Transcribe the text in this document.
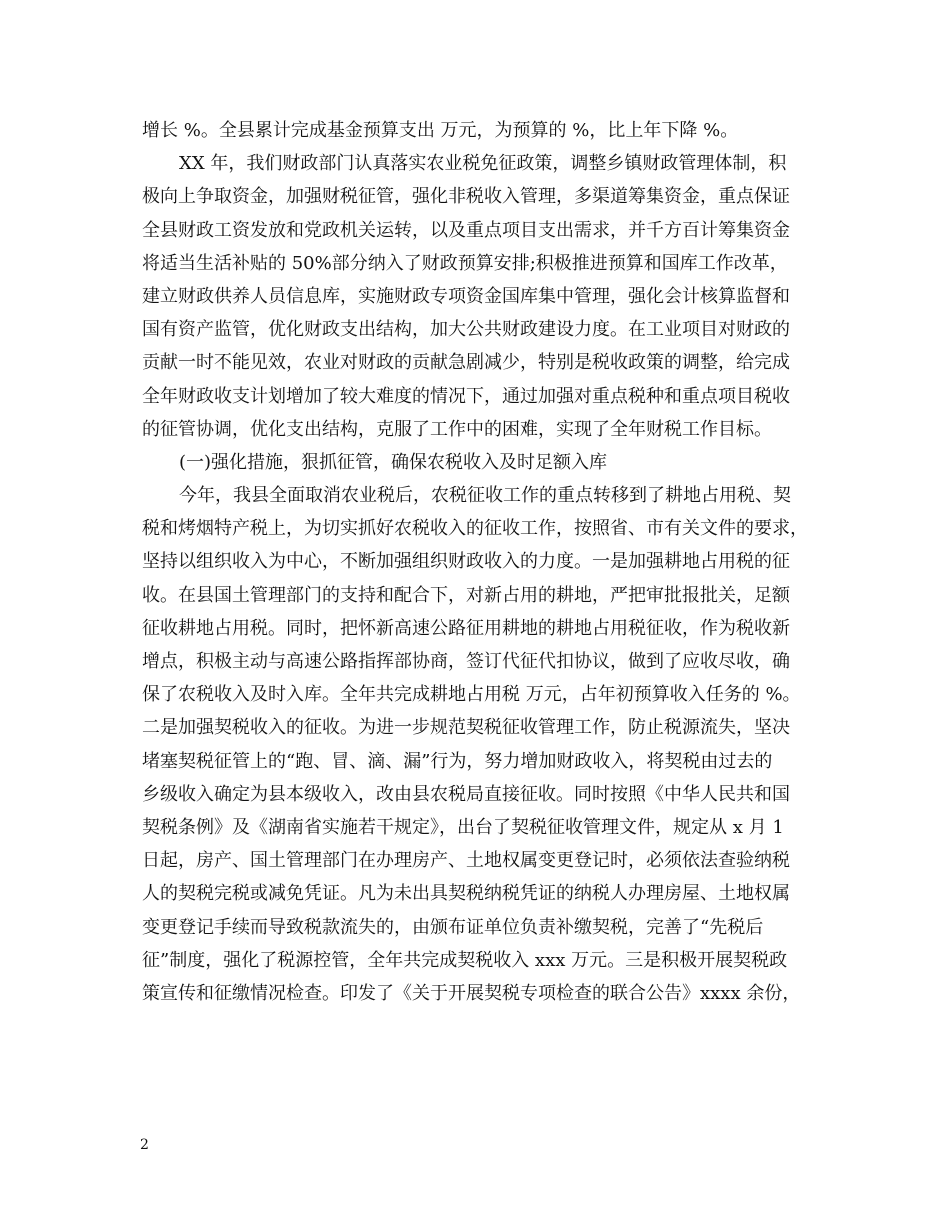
增长 %。全县累计完成基金预算支出 万元，为预算的 %，比上年下降 %。
XX 年，我们财政部门认真落实农业税免征政策，调整乡镇财政管理体制，积
极向上争取资金，加强财税征管，强化非税收入管理，多渠道筹集资金，重点保证
全县财政工资发放和党政机关运转，以及重点项目支出需求，并千方百计筹集资金
将适当生活补贴的 50%部分纳入了财政预算安排;积极推进预算和国库工作改革，
建立财政供养人员信息库，实施财政专项资金国库集中管理，强化会计核算监督和
国有资产监管，优化财政支出结构，加大公共财政建设力度。在工业项目对财政的
贡献一时不能见效，农业对财政的贡献急剧减少，特别是税收政策的调整，给完成
全年财政收支计划增加了较大难度的情况下，通过加强对重点税种和重点项目税收
的征管协调，优化支出结构，克服了工作中的困难，实现了全年财税工作目标。
(一)强化措施，狠抓征管，确保农税收入及时足额入库
今年，我县全面取消农业税后，农税征收工作的重点转移到了耕地占用税、契
税和烤烟特产税上，为切实抓好农税收入的征收工作，按照省、市有关文件的要求，
坚持以组织收入为中心，不断加强组织财政收入的力度。一是加强耕地占用税的征
收。在县国土管理部门的支持和配合下，对新占用的耕地，严把审批报批关，足额
征收耕地占用税。同时，把怀新高速公路征用耕地的耕地占用税征收，作为税收新
增点，积极主动与高速公路指挥部协商，签订代征代扣协议，做到了应收尽收，确
保了农税收入及时入库。全年共完成耕地占用税 万元，占年初预算收入任务的 %。
二是加强契税收入的征收。为进一步规范契税征收管理工作，防止税源流失，坚决
堵塞契税征管上的“跑、冒、滴、漏”行为，努力增加财政收入，将契税由过去的
乡级收入确定为县本级收入，改由县农税局直接征收。同时按照《中华人民共和国
契税条例》及《湖南省实施若干规定》，出台了契税征收管理文件，规定从 x 月 1
日起，房产、国土管理部门在办理房产、土地权属变更登记时，必须依法查验纳税
人的契税完税或减免凭证。凡为未出具契税纳税凭证的纳税人办理房屋、土地权属
变更登记手续而导致税款流失的，由颁布证单位负责补缴契税，完善了“先税后
征”制度，强化了税源控管，全年共完成契税收入 xxx 万元。三是积极开展契税政
策宣传和征缴情况检查。印发了《关于开展契税专项检查的联合公告》xxxx 余份，
2
